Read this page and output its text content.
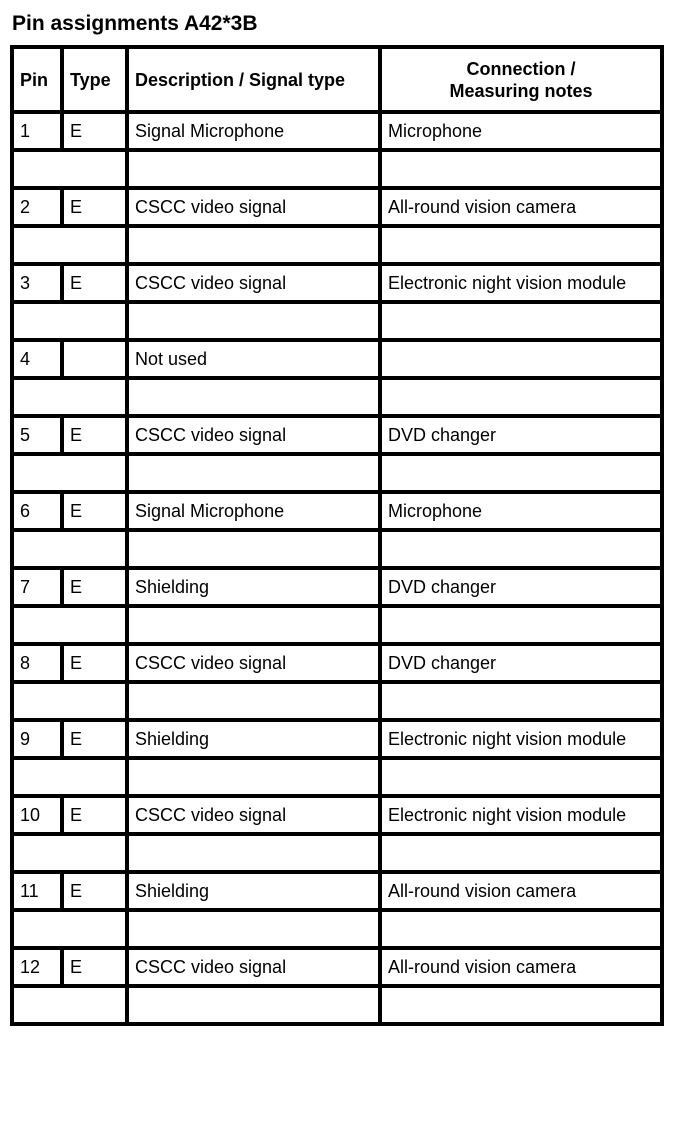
Pin assignments A42*3B
Pin	Type	Description / Signal type	Connection /
Measuring notes

1	E	Signal Microphone	Microphone

2	E	CSCC video signal	All-round vision camera

3	E	CSCC video signal	Electronic night vision module

4		Not used	

5	E	CSCC video signal	DVD changer

6	E	Signal Microphone	Microphone

7	E	Shielding	DVD changer

8	E	CSCC video signal	DVD changer

9	E	Shielding	Electronic night vision module

10	E	CSCC video signal	Electronic night vision module

11	E	Shielding	All-round vision camera

12	E	CSCC video signal	All-round vision camera
